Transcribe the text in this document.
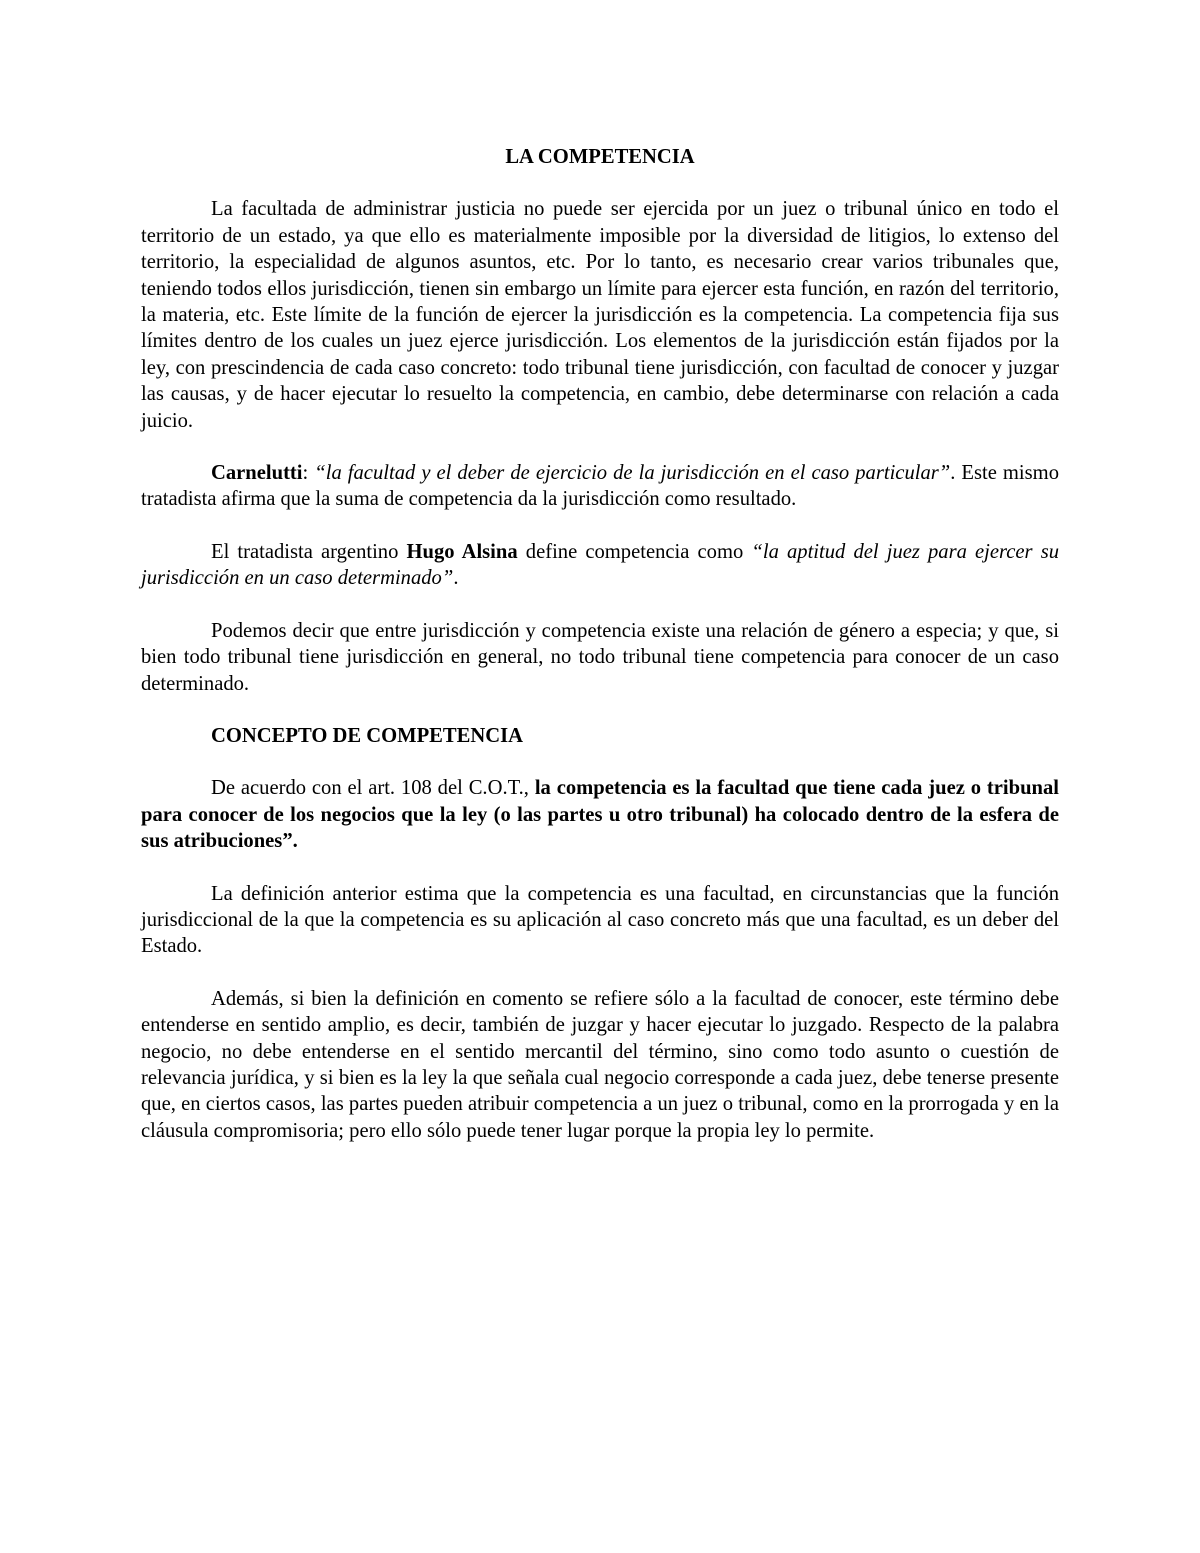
LA COMPETENCIA

La facultada de administrar justicia no puede ser ejercida por un juez o tribunal único en todo el territorio de un estado, ya que ello es materialmente imposible por la diversidad de litigios, lo extenso del territorio, la especialidad de algunos asuntos, etc. Por lo tanto, es necesario crear varios tribunales que, teniendo todos ellos jurisdicción, tienen sin embargo un límite para ejercer esta función, en razón del territorio, la materia, etc. Este límite de la función de ejercer la jurisdicción es la competencia. La competencia fija sus límites dentro de los cuales un juez ejerce jurisdicción. Los elementos de la jurisdicción están fijados por la ley, con prescindencia de cada caso concreto: todo tribunal tiene jurisdicción, con facultad de conocer y juzgar las causas, y de hacer ejecutar lo resuelto la competencia, en cambio, debe determinarse con relación a cada juicio.

Carnelutti: “la facultad y el deber de ejercicio de la jurisdicción en el caso particular”. Este mismo tratadista afirma que la suma de competencia da la jurisdicción como resultado.

El tratadista argentino Hugo Alsina define competencia como “la aptitud del juez para ejercer su jurisdicción en un caso determinado”.

Podemos decir que entre jurisdicción y competencia existe una relación de género a especia; y que, si bien todo tribunal tiene jurisdicción en general, no todo tribunal tiene competencia para conocer de un caso determinado.

CONCEPTO DE COMPETENCIA

De acuerdo con el art. 108 del C.O.T., la competencia es la facultad que tiene cada juez o tribunal para conocer de los negocios que la ley (o las partes u otro tribunal) ha colocado dentro de la esfera de sus atribuciones”.

La definición anterior estima que la competencia es una facultad, en circunstancias que la función jurisdiccional de la que la competencia es su aplicación al caso concreto más que una facultad, es un deber del Estado.

Además, si bien la definición en comento se refiere sólo a la facultad de conocer, este término debe entenderse en sentido amplio, es decir, también de juzgar y hacer ejecutar lo juzgado. Respecto de la palabra negocio, no debe entenderse en el sentido mercantil del término, sino como todo asunto o cuestión de relevancia jurídica, y si bien es la ley la que señala cual negocio corresponde a cada juez, debe tenerse presente que, en ciertos casos, las partes pueden atribuir competencia a un juez o tribunal, como en la prorrogada y en la cláusula compromisoria; pero ello sólo puede tener lugar porque la propia ley lo permite.
